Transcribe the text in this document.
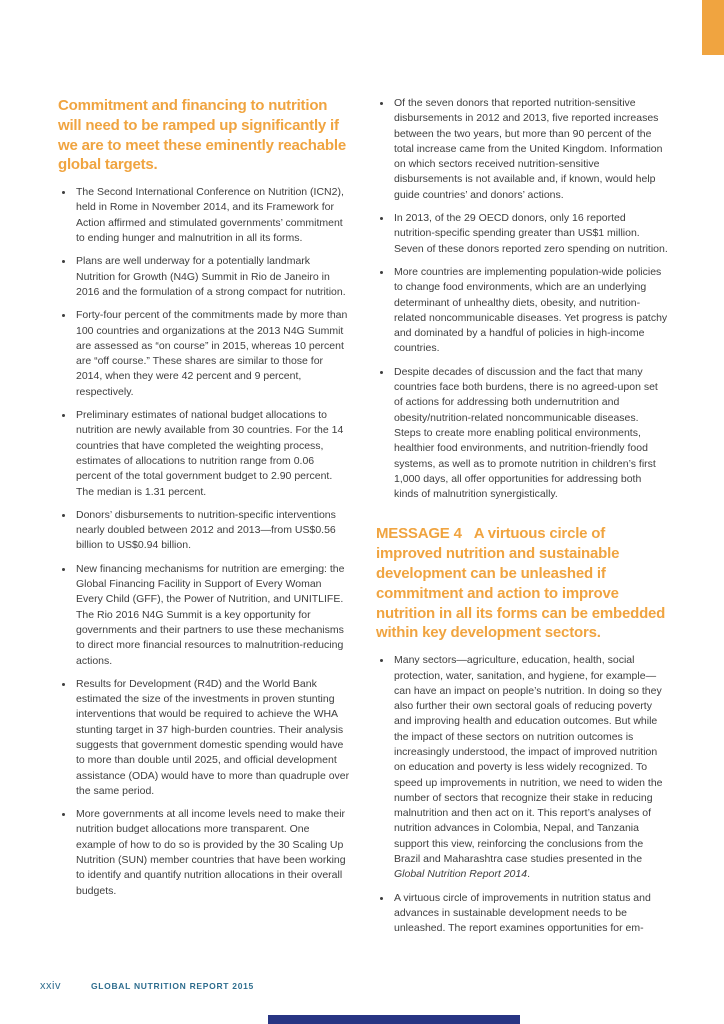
Commitment and financing to nutrition will need to be ramped up significantly if we are to meet these eminently reachable global targets.
• The Second International Conference on Nutrition (ICN2), held in Rome in November 2014, and its Framework for Action affirmed and stimulated governments’ commitment to ending hunger and malnutrition in all its forms.
• Plans are well underway for a potentially landmark Nutrition for Growth (N4G) Summit in Rio de Janeiro in 2016 and the formulation of a strong compact for nutrition.
• Forty-four percent of the commitments made by more than 100 countries and organizations at the 2013 N4G Summit are assessed as “on course” in 2015, whereas 10 percent are “off course.” These shares are similar to those for 2014, when they were 42 percent and 9 percent, respectively.
• Preliminary estimates of national budget allocations to nutrition are newly available from 30 countries. For the 14 countries that have completed the weighting process, estimates of allocations to nutrition range from 0.06 percent of the total government budget to 2.90 percent. The median is 1.31 percent.
• Donors’ disbursements to nutrition-specific interventions nearly doubled between 2012 and 2013—from US$0.56 billion to US$0.94 billion.
• New financing mechanisms for nutrition are emerging: the Global Financing Facility in Support of Every Woman Every Child (GFF), the Power of Nutrition, and UNITLIFE. The Rio 2016 N4G Summit is a key opportunity for governments and their partners to use these mechanisms to direct more financial resources to malnutrition-reducing actions.
• Results for Development (R4D) and the World Bank estimated the size of the investments in proven stunting interventions that would be required to achieve the WHA stunting target in 37 high-burden countries. Their analysis suggests that government domestic spending would have to more than double until 2025, and official development assistance (ODA) would have to more than quadruple over the same period.
• More governments at all income levels need to make their nutrition budget allocations more transparent. One example of how to do so is provided by the 30 Scaling Up Nutrition (SUN) member countries that have been working to identify and quantify nutrition allocations in their overall budgets.
• Of the seven donors that reported nutrition-sensitive disbursements in 2012 and 2013, five reported increases between the two years, but more than 90 percent of the total increase came from the United Kingdom. Information on which sectors received nutrition-sensitive disbursements is not available and, if known, would help guide countries’ and donors’ actions.
• In 2013, of the 29 OECD donors, only 16 reported nutrition-specific spending greater than US$1 million. Seven of these donors reported zero spending on nutrition.
• More countries are implementing population-wide policies to change food environments, which are an underlying determinant of unhealthy diets, obesity, and nutrition-related noncommunicable diseases. Yet progress is patchy and dominated by a handful of policies in high-income countries.
• Despite decades of discussion and the fact that many countries face both burdens, there is no agreed-upon set of actions for addressing both undernutrition and obesity/nutrition-related noncommunicable diseases. Steps to create more enabling political environments, healthier food environments, and nutrition-friendly food systems, as well as to promote nutrition in children’s first 1,000 days, all offer opportunities for addressing both kinds of malnutrition synergistically.
MESSAGE 4 A virtuous circle of improved nutrition and sustainable development can be unleashed if commitment and action to improve nutrition in all its forms can be embedded within key development sectors.
• Many sectors—agriculture, education, health, social protection, water, sanitation, and hygiene, for example—can have an impact on people’s nutrition. In doing so they also further their own sectoral goals of reducing poverty and improving health and education outcomes. But while the impact of these sectors on nutrition outcomes is increasingly understood, the impact of improved nutrition on education and poverty is less widely recognized. To speed up improvements in nutrition, we need to widen the number of sectors that recognize their stake in reducing malnutrition and then act on it. This report’s analyses of nutrition advances in Colombia, Nepal, and Tanzania support this view, reinforcing the conclusions from the Brazil and Maharashtra case studies presented in the Global Nutrition Report 2014.
• A virtuous circle of improvements in nutrition status and advances in sustainable development needs to be unleashed. The report examines opportunities for em-
xxiv	GLOBAL NUTRITION REPORT 2015
